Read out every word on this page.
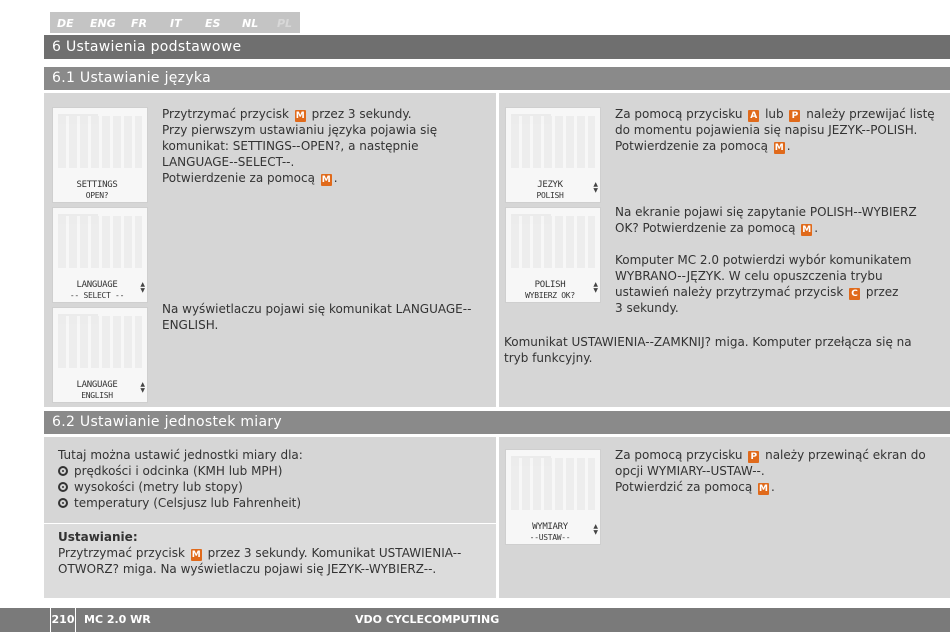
DE ENG FR IT ES NL PL
6 Ustawienia podstawowe
6.1 Ustawianie języka
SETTINGS
OPEN?
LANGUAGE
-- SELECT --
▲
▼
LANGUAGE
ENGLISH
▲
▼
JEZYK
POLISH
▲
▼
POLISH
WYBIERZ OK?
▲
▼
Przytrzymać przycisk M przez 3 sekundy.
Przy pierwszym ustawianiu języka pojawia się
komunikat: SETTINGS--OPEN?, a następnie
LANGUAGE--SELECT--.
Potwierdzenie za pomocą M .
Na wyświetlaczu pojawi się komunikat LANGUAGE--
ENGLISH.
Za pomocą przycisku A lub P należy przewijać listę
do momentu pojawienia się napisu JEZYK--POLISH.
Potwierdzenie za pomocą M .
Na ekranie pojawi się zapytanie POLISH--WYBIERZ
OK? Potwierdzenie za pomocą M .
Komputer MC 2.0 potwierdzi wybór komunikatem
WYBRANO--JĘZYK. W celu opuszczenia trybu
ustawień należy przytrzymać przycisk C przez
3 sekundy.
Komunikat USTAWIENIA--ZAMKNIJ? miga. Komputer przełącza się na
tryb funkcyjny.
6.2 Ustawianie jednostek miary
Tutaj można ustawić jednostki miary dla:
prędkości i odcinka (KMH lub MPH)
wysokości (metry lub stopy)
temperatury (Celsjusz lub Fahrenheit)
Ustawianie:
Przytrzymać przycisk M przez 3 sekundy. Komunikat USTAWIENIA--
OTWORZ? miga. Na wyświetlaczu pojawi się JEZYK--WYBIERZ--.
WYMIARY
--USTAW--
▲
▼
Za pomocą przycisku P należy przewinąć ekran do
opcji WYMIARY--USTAW--.
Potwierdzić za pomocą M .
210 MC 2.0 WR	VDO CYCLECOMPUTING
